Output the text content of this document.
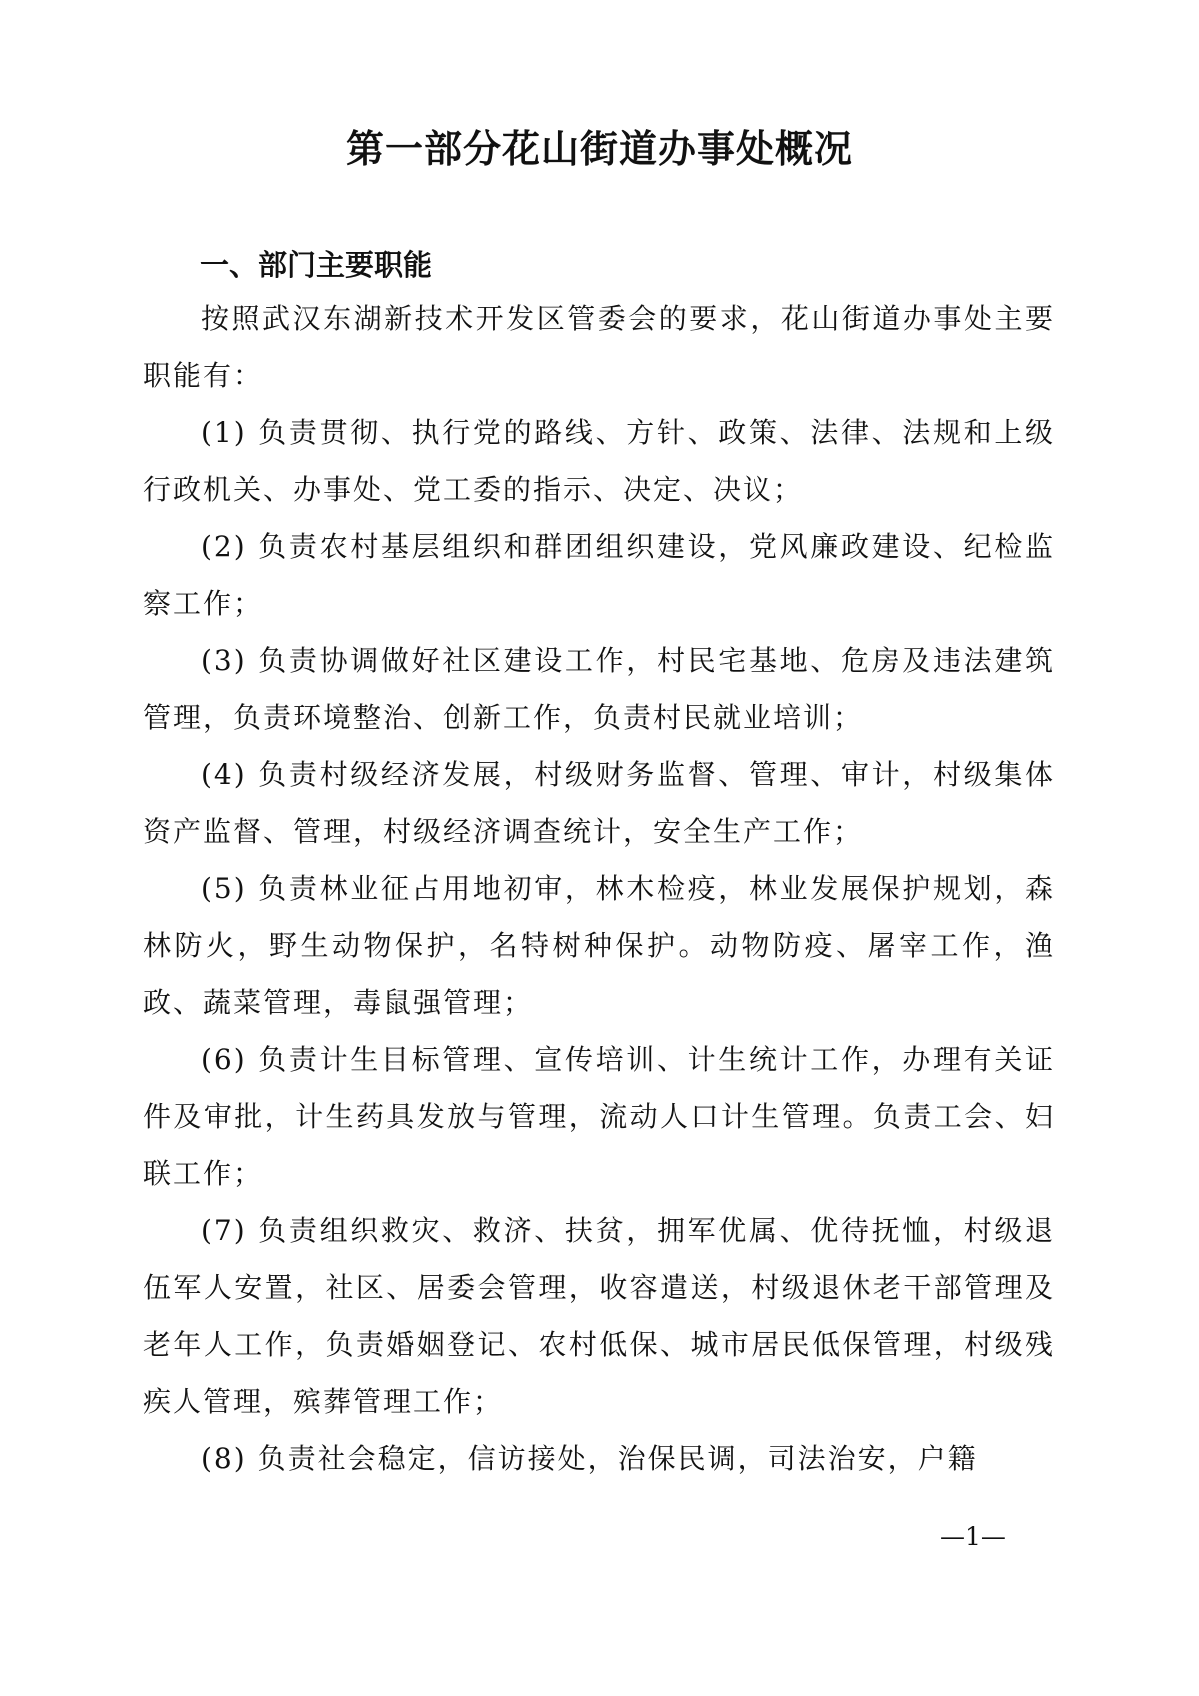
第一部分花山街道办事处概况
一、部门主要职能

按照武汉东湖新技术开发区管委会的要求，花山街道办事处主要职能有：

(1) 负责贯彻、执行党的路线、方针、政策、法律、法规和上级行政机关、办事处、党工委的指示、决定、决议；

(2) 负责农村基层组织和群团组织建设，党风廉政建设、纪检监察工作；

(3) 负责协调做好社区建设工作，村民宅基地、危房及违法建筑管理，负责环境整治、创新工作，负责村民就业培训；

(4) 负责村级经济发展，村级财务监督、管理、审计，村级集体资产监督、管理，村级经济调查统计，安全生产工作；

(5) 负责林业征占用地初审，林木检疫，林业发展保护规划，森林防火，野生动物保护，名特树种保护。动物防疫、屠宰工作，渔政、蔬菜管理，毒鼠强管理；

(6) 负责计生目标管理、宣传培训、计生统计工作，办理有关证件及审批，计生药具发放与管理，流动人口计生管理。负责工会、妇联工作；

(7) 负责组织救灾、救济、扶贫，拥军优属、优待抚恤，村级退伍军人安置，社区、居委会管理，收容遣送，村级退休老干部管理及老年人工作，负责婚姻登记、农村低保、城市居民低保管理，村级残疾人管理，殡葬管理工作；

(8) 负责社会稳定，信访接处，治保民调，司法治安，户籍

—1—
